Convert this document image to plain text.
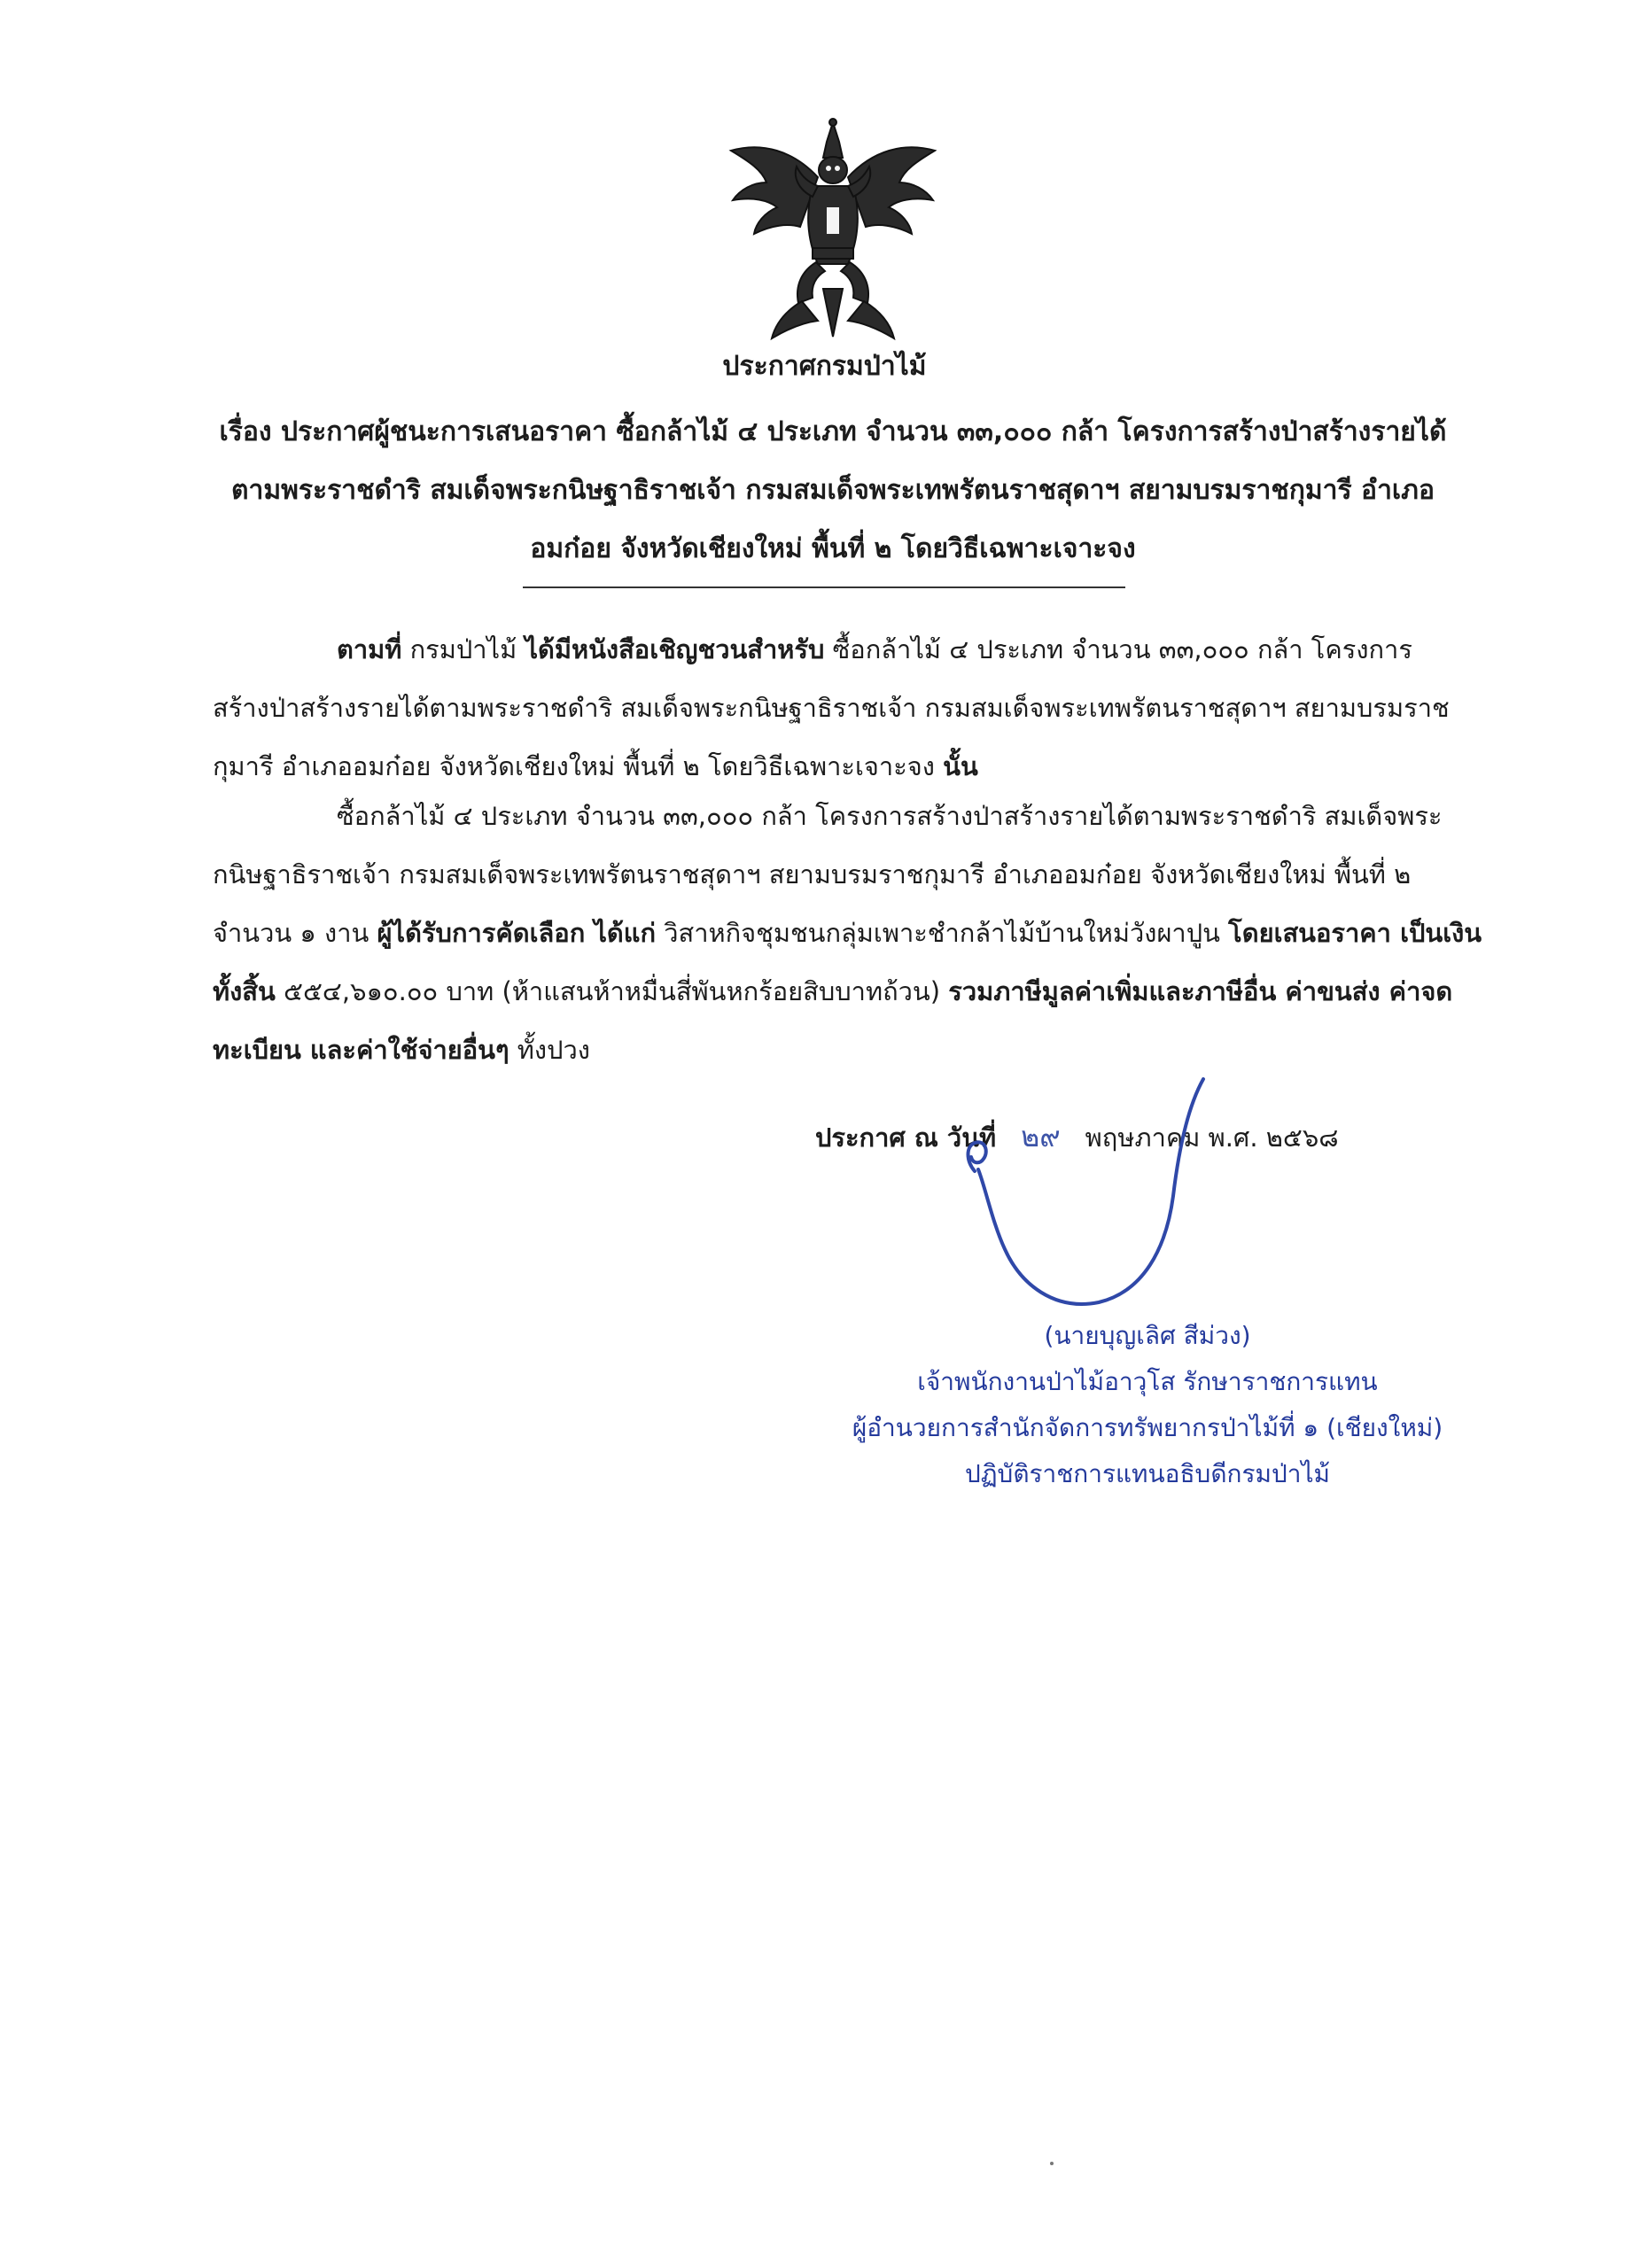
ประกาศกรมป่าไม้
เรื่อง ประกาศผู้ชนะการเสนอราคา ซื้อกล้าไม้ ๔ ประเภท จำนวน ๓๓,๐๐๐ กล้า โครงการสร้างป่าสร้างรายได้
ตามพระราชดำริ สมเด็จพระกนิษฐาธิราชเจ้า กรมสมเด็จพระเทพรัตนราชสุดาฯ สยามบรมราชกุมารี อำเภอ
อมก๋อย จังหวัดเชียงใหม่ พื้นที่ ๒ โดยวิธีเฉพาะเจาะจง
ตามที่ กรมป่าไม้ ได้มีหนังสือเชิญชวนสำหรับ ซื้อกล้าไม้ ๔ ประเภท จำนวน ๓๓,๐๐๐ กล้า โครงการ
สร้างป่าสร้างรายได้ตามพระราชดำริ สมเด็จพระกนิษฐาธิราชเจ้า กรมสมเด็จพระเทพรัตนราชสุดาฯ สยามบรมราช
กุมารี อำเภออมก๋อย จังหวัดเชียงใหม่ พื้นที่ ๒ โดยวิธีเฉพาะเจาะจง นั้น
ซื้อกล้าไม้ ๔ ประเภท จำนวน ๓๓,๐๐๐ กล้า โครงการสร้างป่าสร้างรายได้ตามพระราชดำริ สมเด็จพระ
กนิษฐาธิราชเจ้า กรมสมเด็จพระเทพรัตนราชสุดาฯ สยามบรมราชกุมารี อำเภออมก๋อย จังหวัดเชียงใหม่ พื้นที่ ๒
จำนวน ๑ งาน ผู้ได้รับการคัดเลือก ได้แก่ วิสาหกิจชุมชนกลุ่มเพาะชำกล้าไม้บ้านใหม่วังผาปูน โดยเสนอราคา เป็นเงิน
ทั้งสิ้น ๕๕๔,๖๑๐.๐๐ บาท (ห้าแสนห้าหมื่นสี่พันหกร้อยสิบบาทถ้วน) รวมภาษีมูลค่าเพิ่มและภาษีอื่น ค่าขนส่ง ค่าจด
ทะเบียน และค่าใช้จ่ายอื่นๆ ทั้งปวง
ประกาศ ณ วันที่ ๒๙ พฤษภาคม พ.ศ. ๒๕๖๘
(นายบุญเลิศ สีม่วง)
เจ้าพนักงานป่าไม้อาวุโส รักษาราชการแทน
ผู้อำนวยการสำนักจัดการทรัพยากรป่าไม้ที่ ๑ (เชียงใหม่)
ปฏิบัติราชการแทนอธิบดีกรมป่าไม้
